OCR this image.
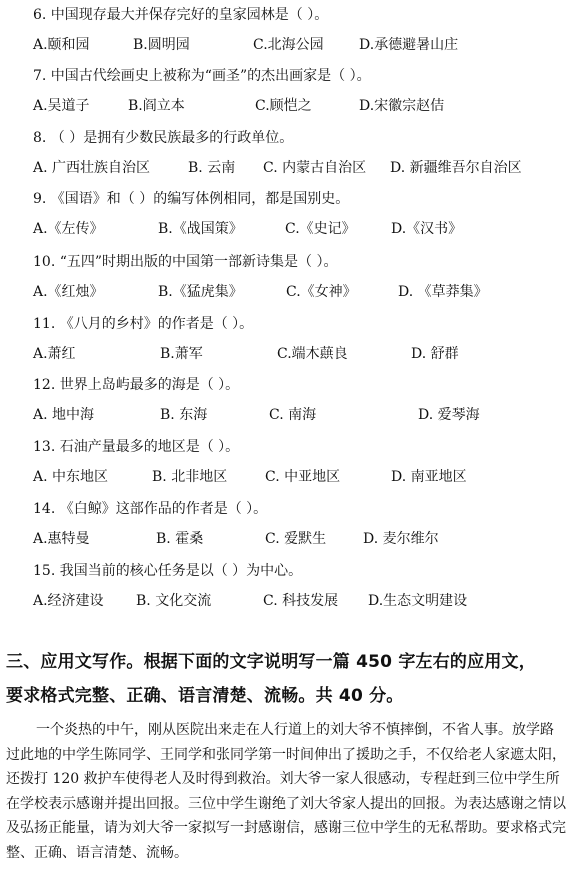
6. 中国现存最大并保存完好的皇家园林是（ ）。
A.颐和园	B.圆明园	C.北海公园	D.承德避暑山庄
7. 中国古代绘画史上被称为“画圣”的杰出画家是（ ）。
A.吴道子	B.阎立本	C.顾恺之	D.宋徽宗赵佶
8. （ ）是拥有少数民族最多的行政单位。
A. 广西壮族自治区	B. 云南 C. 内蒙古自治区 D. 新疆维吾尔自治区
9. 《国语》和（ ）的编写体例相同，都是国别史。
A.《左传》	B.《战国策》	C.《史记》	D.《汉书》
10. “五四”时期出版的中国第一部新诗集是（ ）。
A.《红烛》	B.《猛虎集》	C.《女神》	D. 《草莽集》
11. 《八月的乡村》的作者是（ ）。
A.萧红	B.萧军	C.端木蕻良	D. 舒群
12. 世界上岛屿最多的海是（ ）。
A. 地中海	B. 东海	C. 南海	D. 爱琴海
13. 石油产量最多的地区是（ ）。
A. 中东地区	B. 北非地区	C. 中亚地区	D. 南亚地区
14. 《白鲸》这部作品的作者是（ ）。
A.惠特曼	B. 霍桑	C. 爱默生	D. 麦尔维尔
15. 我国当前的核心任务是以（ ）为中心。
A.经济建设 B. 文化交流	C. 科技发展 D.生态文明建设
三、应用文写作。根据下面的文字说明写一篇 450 字左右的应用文，
要求格式完整、正确、语言清楚、流畅。共 40 分。
一个炎热的中午，刚从医院出来走在人行道上的刘大爷不慎摔倒，不省人事。放学路过此地的中学生陈同学、王同学和张同学第一时间伸出了援助之手，不仅给老人家遮太阳，还拨打 120 救护车使得老人及时得到救治。刘大爷一家人很感动，专程赶到三位中学生所在学校表示感谢并提出回报。三位中学生谢绝了刘大爷家人提出的回报。为表达感谢之情以及弘扬正能量，请为刘大爷一家拟写一封感谢信，感谢三位中学生的无私帮助。要求格式完整、正确、语言清楚、流畅。
